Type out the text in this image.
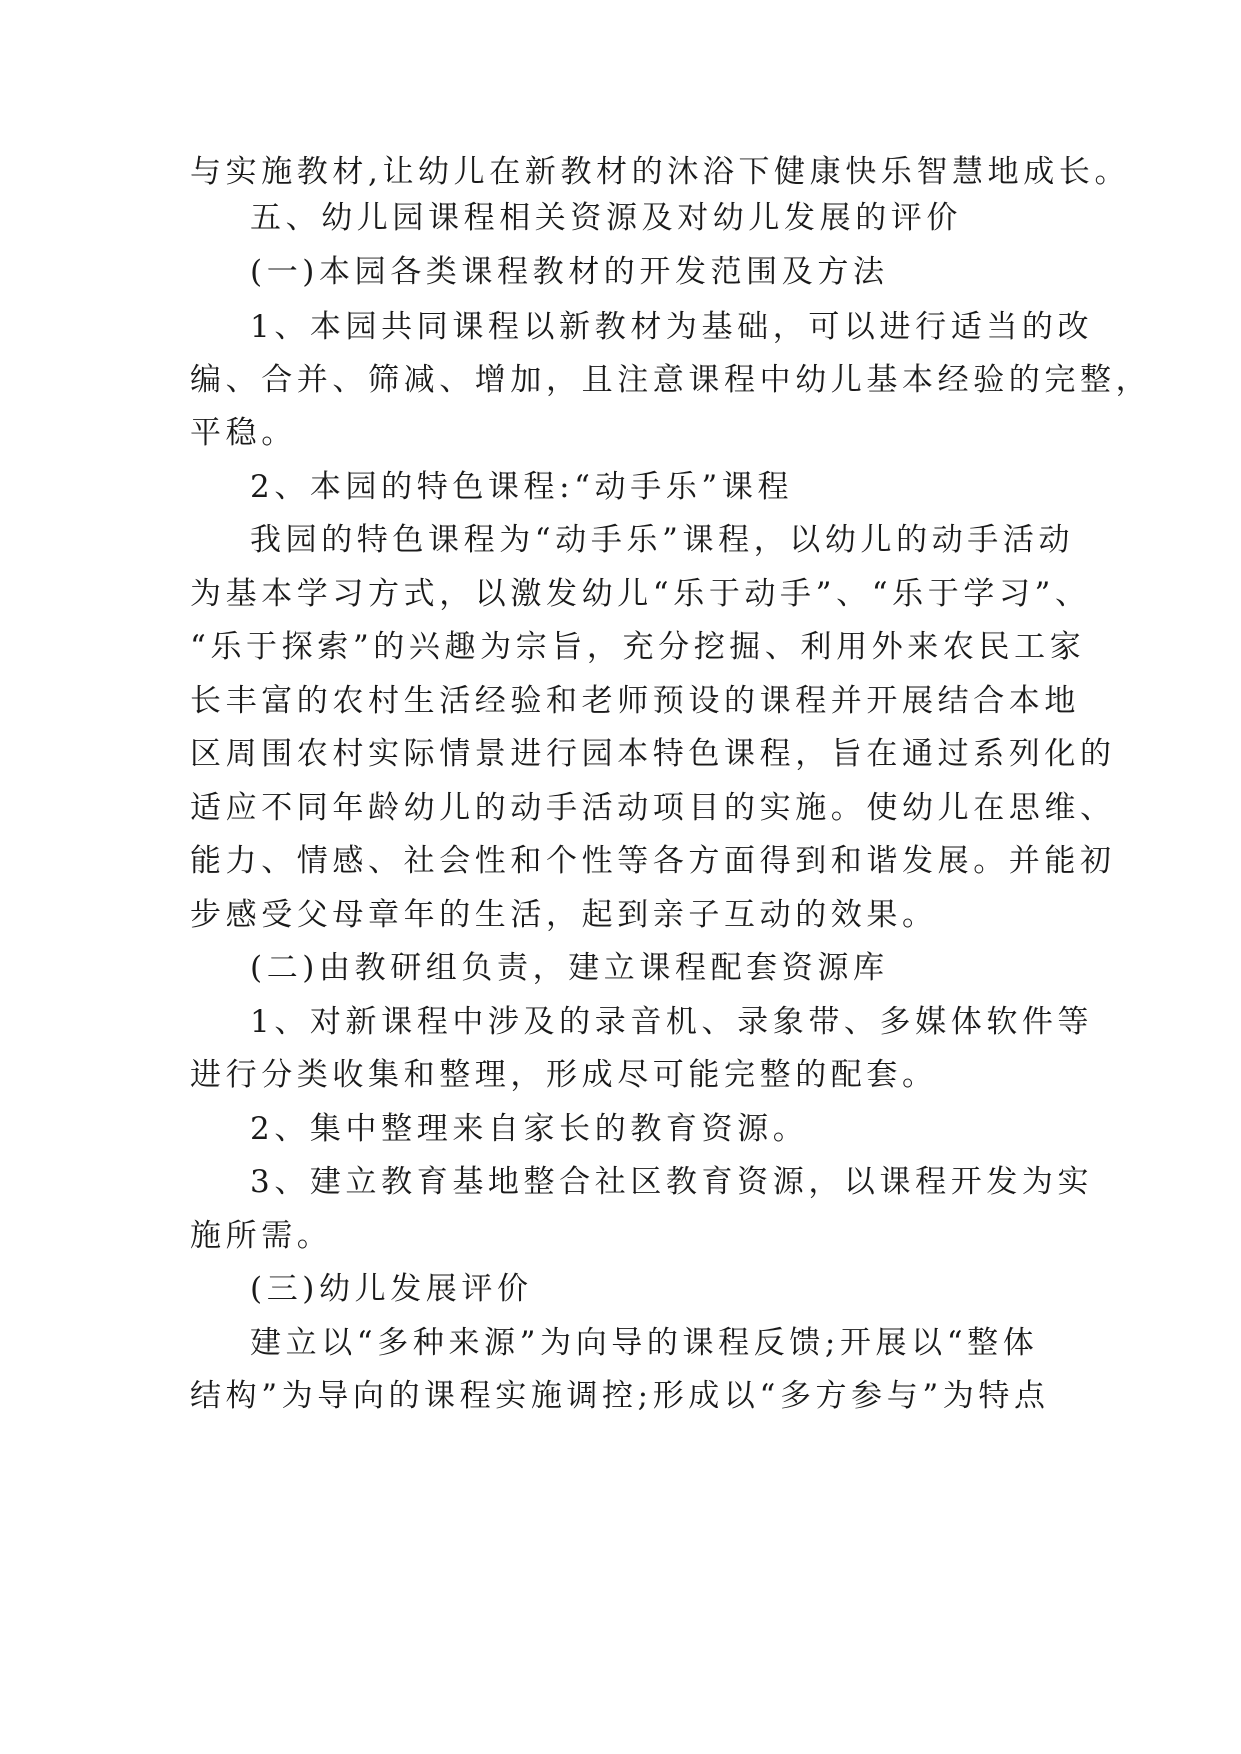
与实施教材,让幼儿在新教材的沐浴下健康快乐智慧地成长。
五、幼儿园课程相关资源及对幼儿发展的评价
(一)本园各类课程教材的开发范围及方法
1、本园共同课程以新教材为基础，可以进行适当的改
编、合并、筛减、增加，且注意课程中幼儿基本经验的完整，
平稳。
2、本园的特色课程:“动手乐”课程
我园的特色课程为“动手乐”课程，以幼儿的动手活动
为基本学习方式，以激发幼儿“乐于动手”、“乐于学习”、
“乐于探索”的兴趣为宗旨，充分挖掘、利用外来农民工家
长丰富的农村生活经验和老师预设的课程并开展结合本地
区周围农村实际情景进行园本特色课程，旨在通过系列化的
适应不同年龄幼儿的动手活动项目的实施。使幼儿在思维、
能力、情感、社会性和个性等各方面得到和谐发展。并能初
步感受父母章年的生活，起到亲子互动的效果。
(二)由教研组负责，建立课程配套资源库
1、对新课程中涉及的录音机、录象带、多媒体软件等
进行分类收集和整理，形成尽可能完整的配套。
2、集中整理来自家长的教育资源。
3、建立教育基地整合社区教育资源，以课程开发为实
施所需。
(三)幼儿发展评价
建立以“多种来源”为向导的课程反馈;开展以“整体
结构”为导向的课程实施调控;形成以“多方参与”为特点
